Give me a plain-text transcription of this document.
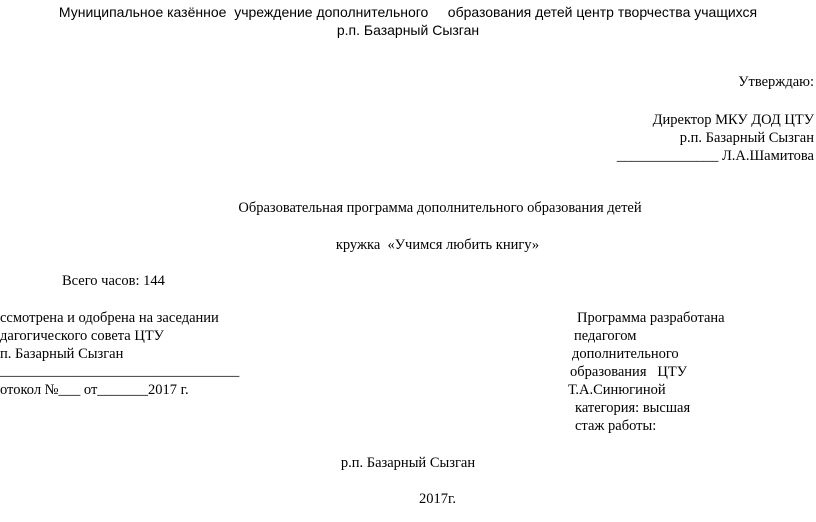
Муниципальное казённое  учреждение дополнительного     образования детей центр творчества учащихся
р.п. Базарный Сызган
Утверждаю:
Директор МКУ ДОД ЦТУ
р.п. Базарный Сызган
______________ Л.А.Шамитова
Образовательная программа дополнительного образования детей
кружка  «Учимся любить книгу»
Всего часов: 144
ссмотрена и одобрена на заседании
дагогического совета ЦТУ
п. Базарный Сызган
_________________________________
отокол №___ от_______2017 г.
Программа разработана
педагогом
дополнительного
образования   ЦТУ
Т.А.Синюгиной
категория: высшая
стаж работы:
р.п. Базарный Сызган
2017г.
